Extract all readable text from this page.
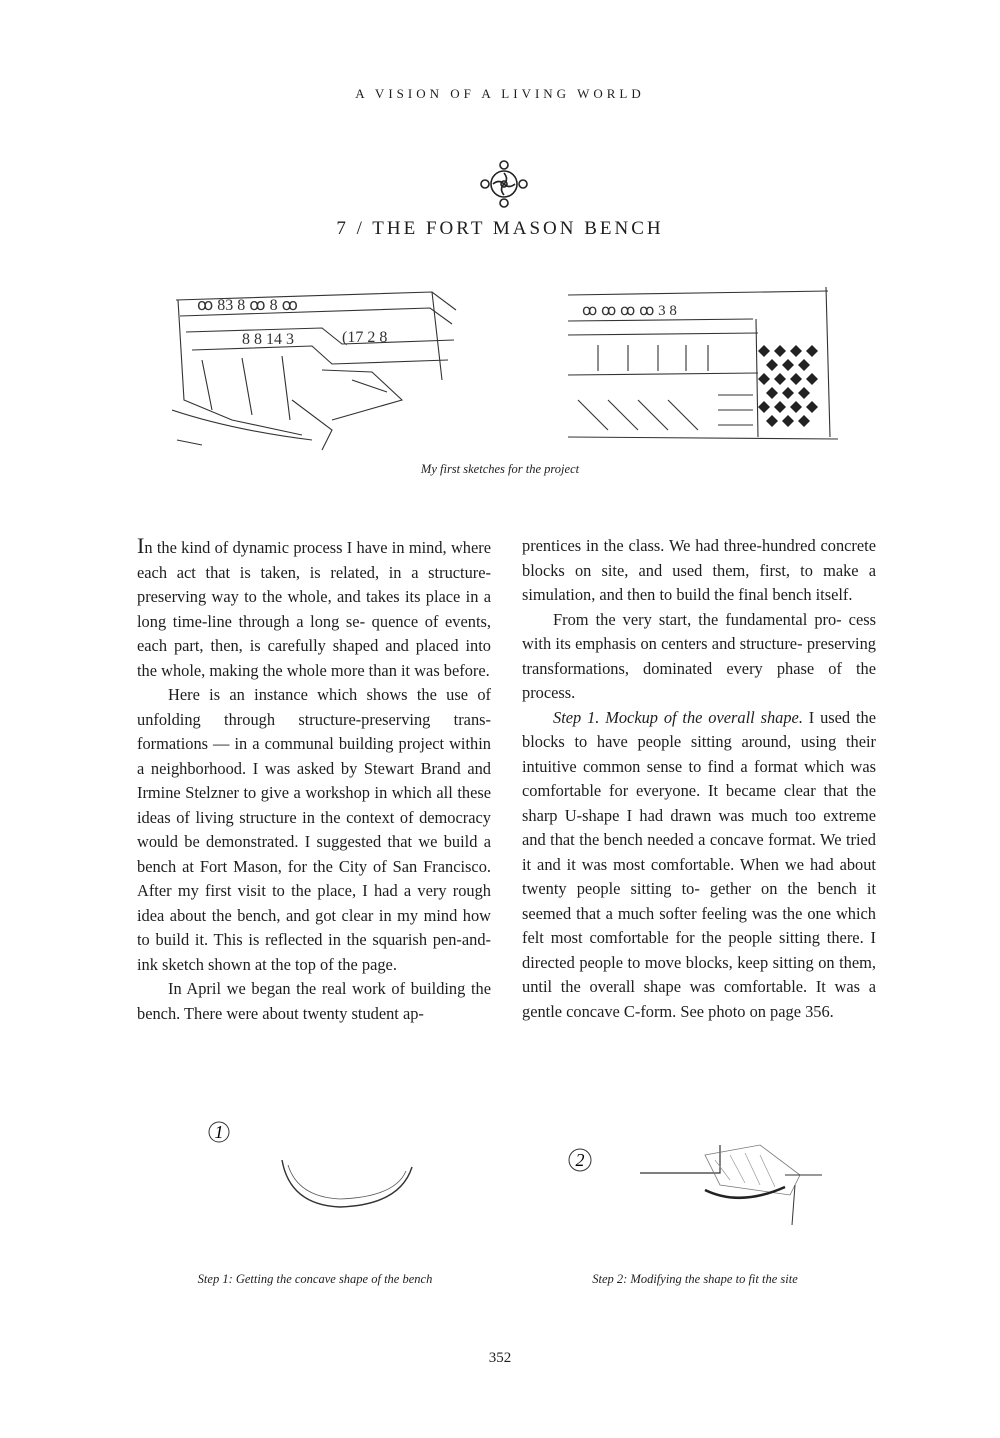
A VISION OF A LIVING WORLD
7 / THE FORT MASON BENCH
ꝏ 83 8 ꝏ 8 ꝏ
8 8 14 3	(17 2 8
ꝏ ꝏ ꝏ ꝏ 3 8
My first sketches for the project

In the kind of dynamic process I have in mind, where each act that is taken, is related, in a structure-preserving way to the whole, and takes its place in a long time-line through a long se- quence of events, each part, then, is carefully shaped and placed into the whole, making the whole more than it was before.

Here is an instance which shows the use of unfolding through structure-preserving trans- formations — in a communal building project within a neighborhood. I was asked by Stewart Brand and Irmine Stelzner to give a workshop in which all these ideas of living structure in the context of democracy would be demonstrated. I suggested that we build a bench at Fort Mason, for the City of San Francisco. After my first visit to the place, I had a very rough idea about the bench, and got clear in my mind how to build it. This is reflected in the squarish pen-and-ink sketch shown at the top of the page.

In April we began the real work of building the bench. There were about twenty student ap-

prentices in the class. We had three-hundred concrete blocks on site, and used them, first, to make a simulation, and then to build the final bench itself.

From the very start, the fundamental pro- cess with its emphasis on centers and structure- preserving transformations, dominated every phase of the process.

Step 1. Mockup of the overall shape. I used the blocks to have people sitting around, using their intuitive common sense to find a format which was comfortable for everyone. It became clear that the sharp U-shape I had drawn was much too extreme and that the bench needed a concave format. We tried it and it was most comfortable. When we had about twenty people sitting to- gether on the bench it seemed that a much softer feeling was the one which felt most comfortable for the people sitting there. I directed people to move blocks, keep sitting on them, until the overall shape was comfortable. It was a gentle concave C-form. See photo on page 356.

1
2
Step 1: Getting the concave shape of the bench	Step 2: Modifying the shape to fit the site
352
